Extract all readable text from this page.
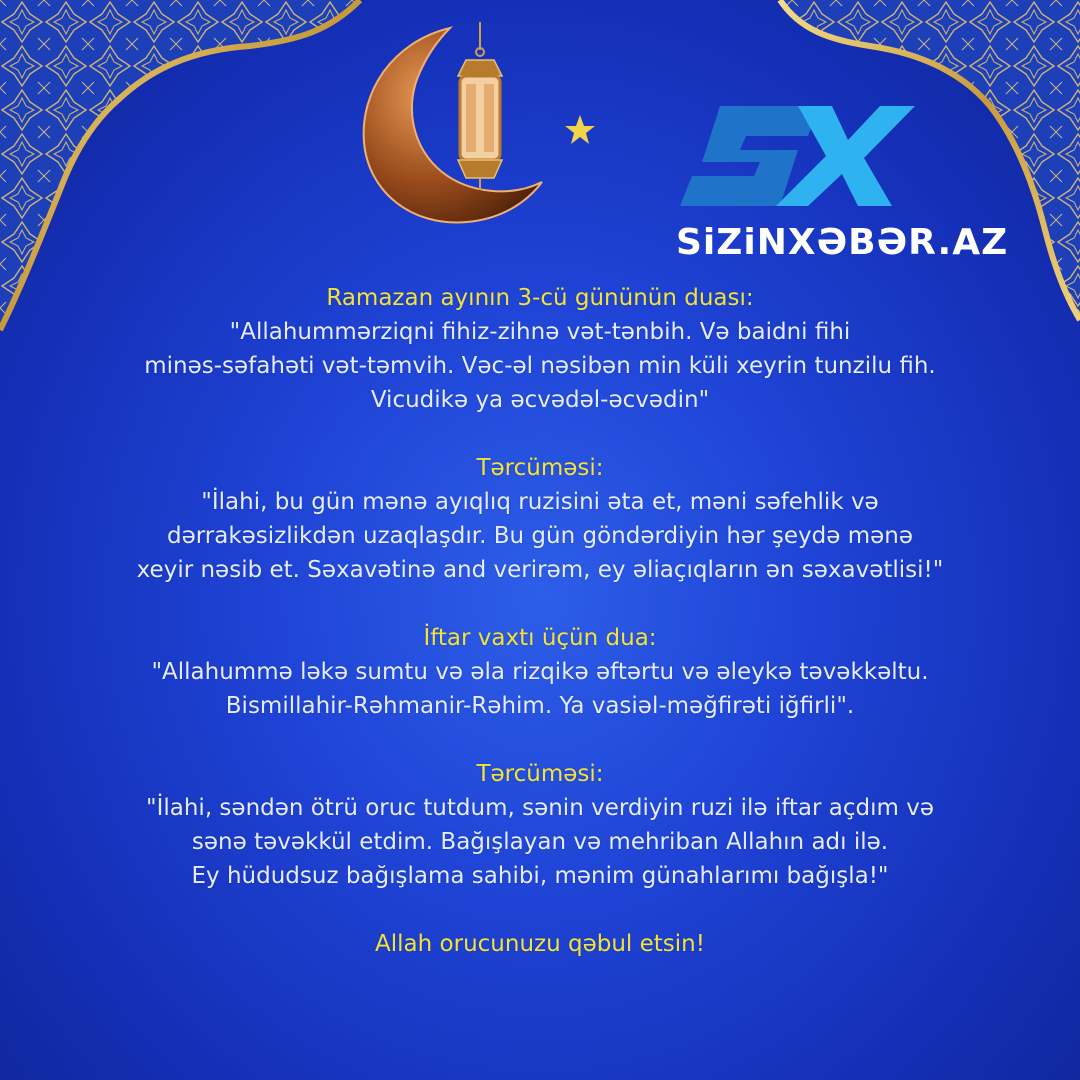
SiZiNXƏBƏR.AZ
Ramazan ayının 3-cü gününün duası:
"Allahummərziqni fihiz-zihnə vət-tənbih. Və baidni fihi
minəs-səfahəti vət-təmvih. Vəc-əl nəsibən min küli xeyrin tunzilu fih.
Vicudikə ya əcvədəl-əcvədin"
Tərcüməsi:
"İlahi, bu gün mənə ayıqlıq ruzisini əta et, məni səfehlik və
dərrakəsizlikdən uzaqlaşdır. Bu gün göndərdiyin hər şeydə mənə
xeyir nəsib et. Səxavətinə and verirəm, ey əliaçıqların ən səxavətlisi!"
İftar vaxtı üçün dua:
"Allahummə ləkə sumtu və əla rizqikə əftərtu və əleykə təvəkkəltu.
Bismillahir-Rəhmanir-Rəhim. Ya vasiəl-məğfirəti iğfirli".
Tərcüməsi:
"İlahi, səndən ötrü oruc tutdum, sənin verdiyin ruzi ilə iftar açdım və
sənə təvəkkül etdim. Bağışlayan və mehriban Allahın adı ilə.
Ey hüdudsuz bağışlama sahibi, mənim günahlarımı bağışla!"
Allah orucunuzu qəbul etsin!
